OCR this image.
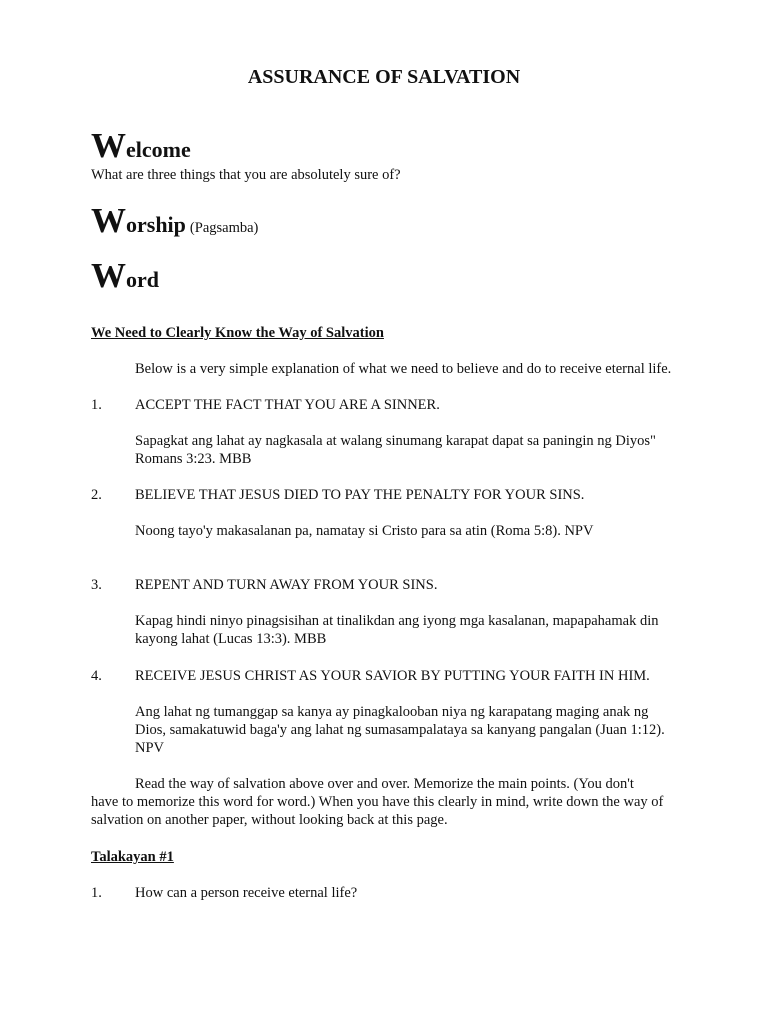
ASSURANCE OF SALVATION
Welcome
What are three things that you are absolutely sure of?
Worship (Pagsamba)
Word
We Need to Clearly Know the Way of Salvation
Below is a very simple explanation of what we need to believe and do to receive eternal life.
1. ACCEPT THE FACT THAT YOU ARE A SINNER.
Sapagkat ang lahat ay nagkasala at walang sinumang karapat dapat sa paningin ng Diyos"
Romans 3:23. MBB
2. BELIEVE THAT JESUS DIED TO PAY THE PENALTY FOR YOUR SINS.
Noong tayo'y makasalanan pa, namatay si Cristo para sa atin (Roma 5:8). NPV
3. REPENT AND TURN AWAY FROM YOUR SINS.
Kapag hindi ninyo pinagsisihan at tinalikdan ang iyong mga kasalanan, mapapahamak din
kayong lahat (Lucas 13:3). MBB
4. RECEIVE JESUS CHRIST AS YOUR SAVIOR BY PUTTING YOUR FAITH IN HIM.
Ang lahat ng tumanggap sa kanya ay pinagkalooban niya ng karapatang maging anak ng
Dios, samakatuwid baga'y ang lahat ng sumasampalataya sa kanyang pangalan (Juan 1:12).
NPV
Read the way of salvation above over and over. Memorize the main points. (You don't
have to memorize this word for word.) When you have this clearly in mind, write down the way of
salvation on another paper, without looking back at this page.
Talakayan #1
1. How can a person receive eternal life?
